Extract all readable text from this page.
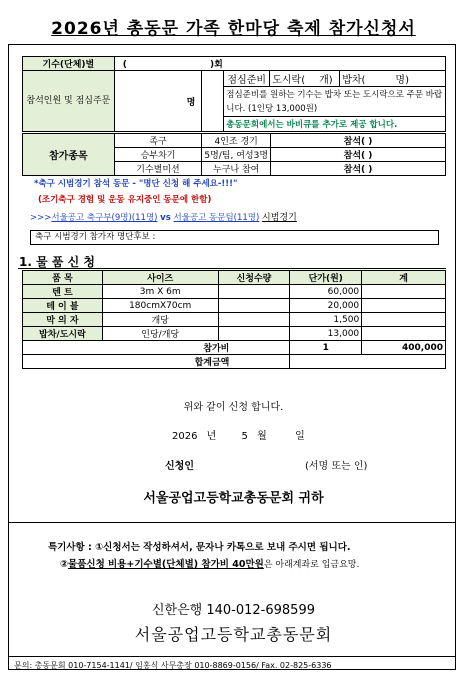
2026년 총동문 가족 한마당 축제 참가신청서
기수(단체)별	( )회				
참석인원 및 점심주문	명		점심준비	도시락( 개)	밥차( 명)
			점심준비를 원하는 기수는 밥차 또는 도시락으로 주문 바랍니다. (1인당 13,000원)		

			총동문회에서는 바비큐를 추가로 제공 합니다.		
참가종목	족구	4인조 경기	참석( )
	승부차기	5명/팀, 여성3명	참석( )
	기수별미션	누구나 참여	참석( )
*축구 시범경기 참석 동문 - "명단 신청 해 주세요-!!!"
(조기축구 경험 및 운동 유지중인 동문에 한함)
>>>서울공고 축구부(9명)(11명) vs 서울공고 동문팀(11명) 시범경기
축구 시범경기 참가자 명단후보 :
1. 물 품 신 청
품 목	사이즈	신청수량	단가(원)	계
텐 트	3m X 6m		60,000	
테 이 블	180cmX70cm		20,000	
막 의 자	개당		1,500	
밥차/도시락	인당/개당		13,000	
참가비			1	400,000
합계금액				
위와 같이 신청 합니다.
2026 년	5 월	일
신청인	(서명 또는 인)
서울공업고등학교총동문회 귀하
특기사항 : ①신청서는 작성하셔서, 문자나 카톡으로 보내 주시면 됩니다.
②물품신청 비용+기수별(단체별) 참가비 40만원은 아래계좌로 입금요망.
신한은행 140-012-698599
서울공업고등학교총동문회
문의: 총동문회 010-7154-1141/ 임홍식 사무총장 010-8869-0156/ Fax. 02-825-6336
